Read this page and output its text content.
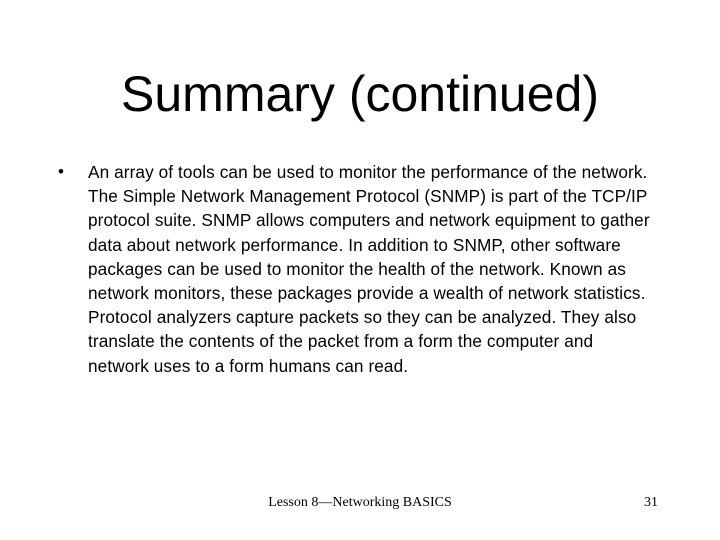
Summary (continued)
• An array of tools can be used to monitor the performance of the network. The Simple Network Management Protocol (SNMP) is part of the TCP/IP protocol suite. SNMP allows computers and network equipment to gather data about network performance. In addition to SNMP, other software packages can be used to monitor the health of the network. Known as network monitors, these packages provide a wealth of network statistics. Protocol analyzers capture packets so they can be analyzed. They also translate the contents of the packet from a form the computer and network uses to a form humans can read.
Lesson 8—Networking BASICS	31
